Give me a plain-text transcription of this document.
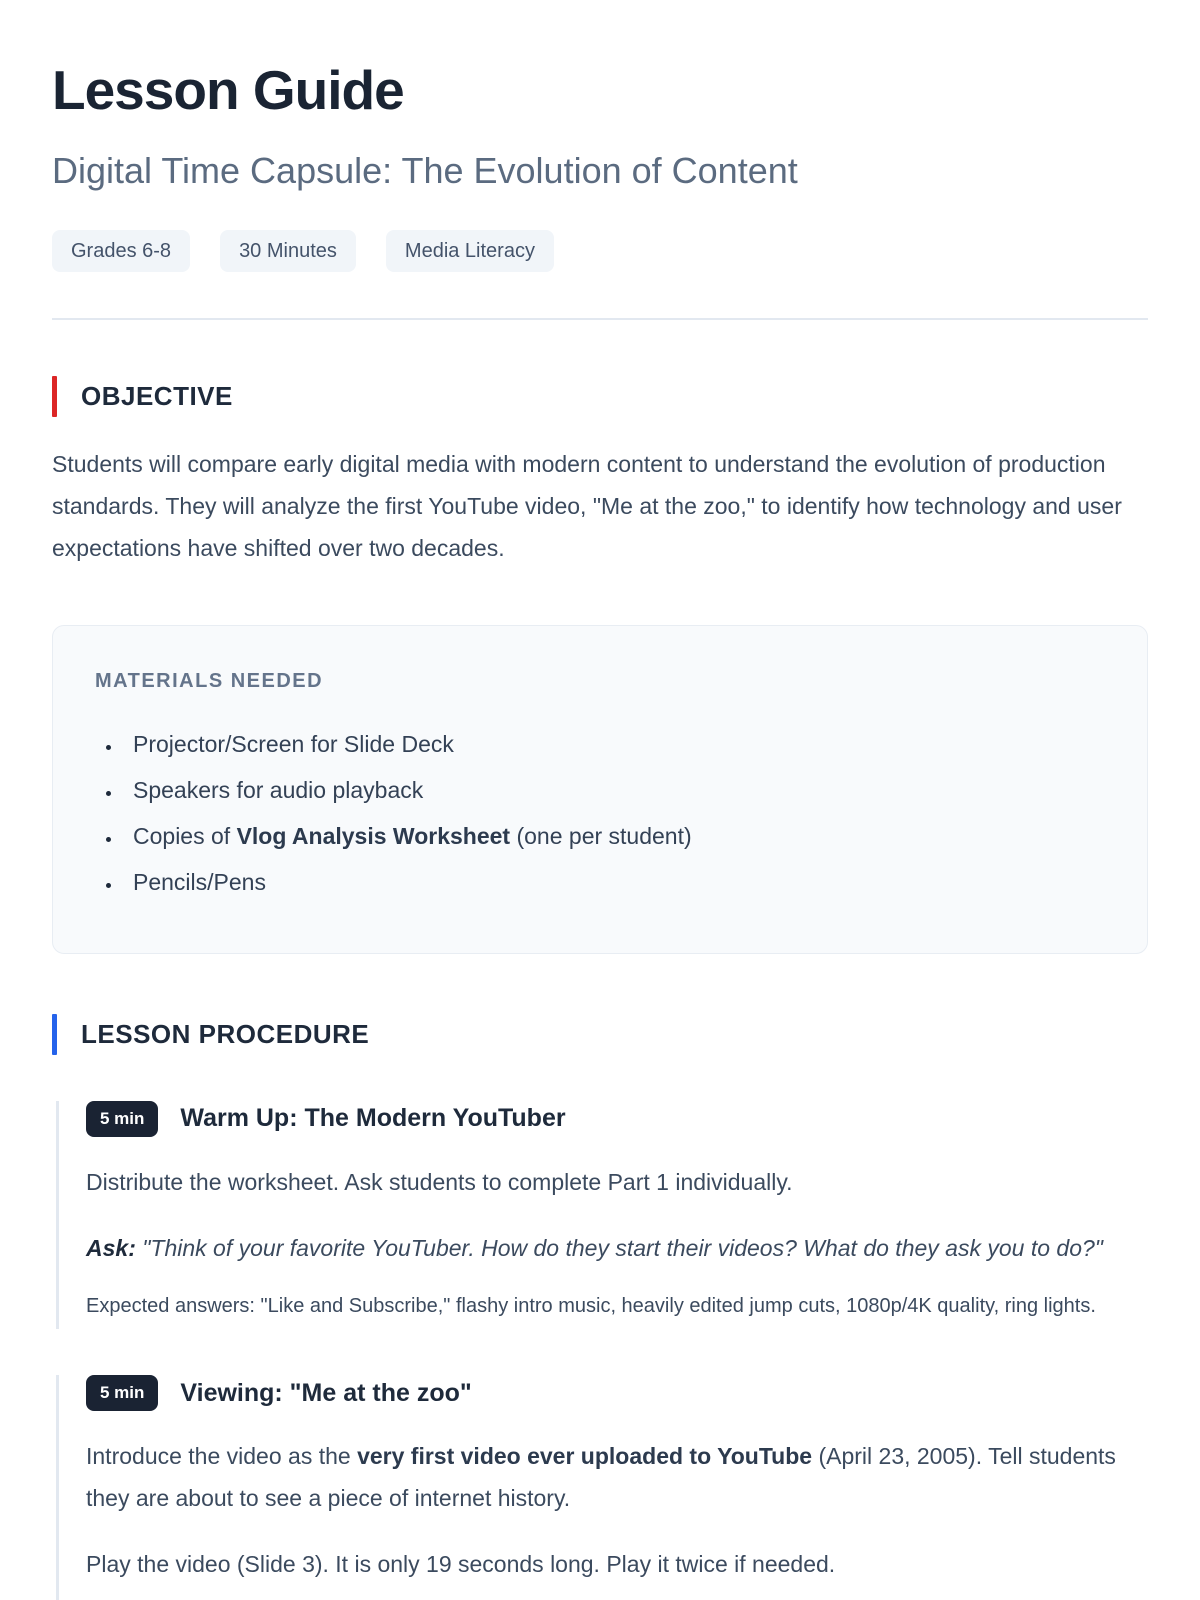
Lesson Guide
Digital Time Capsule: The Evolution of Content
Grades 6-8	30 Minutes	Media Literacy
OBJECTIVE

Students will compare early digital media with modern content to understand the evolution of production standards. They will analyze the first YouTube video, "Me at the zoo," to identify how technology and user expectations have shifted over two decades.

MATERIALS NEEDED
• Projector/Screen for Slide Deck
• Speakers for audio playback
• Copies of Vlog Analysis Worksheet (one per student)
• Pencils/Pens
LESSON PROCEDURE
5 min	Warm Up: The Modern YouTuber

Distribute the worksheet. Ask students to complete Part 1 individually.

Ask: "Think of your favorite YouTuber. How do they start their videos? What do they ask you to do?"

Expected answers: "Like and Subscribe," flashy intro music, heavily edited jump cuts, 1080p/4K quality, ring lights.

5 min	Viewing: "Me at the zoo"

Introduce the video as the very first video ever uploaded to YouTube (April 23, 2005). Tell students they are about to see a piece of internet history.

Play the video (Slide 3). It is only 19 seconds long. Play it twice if needed.
